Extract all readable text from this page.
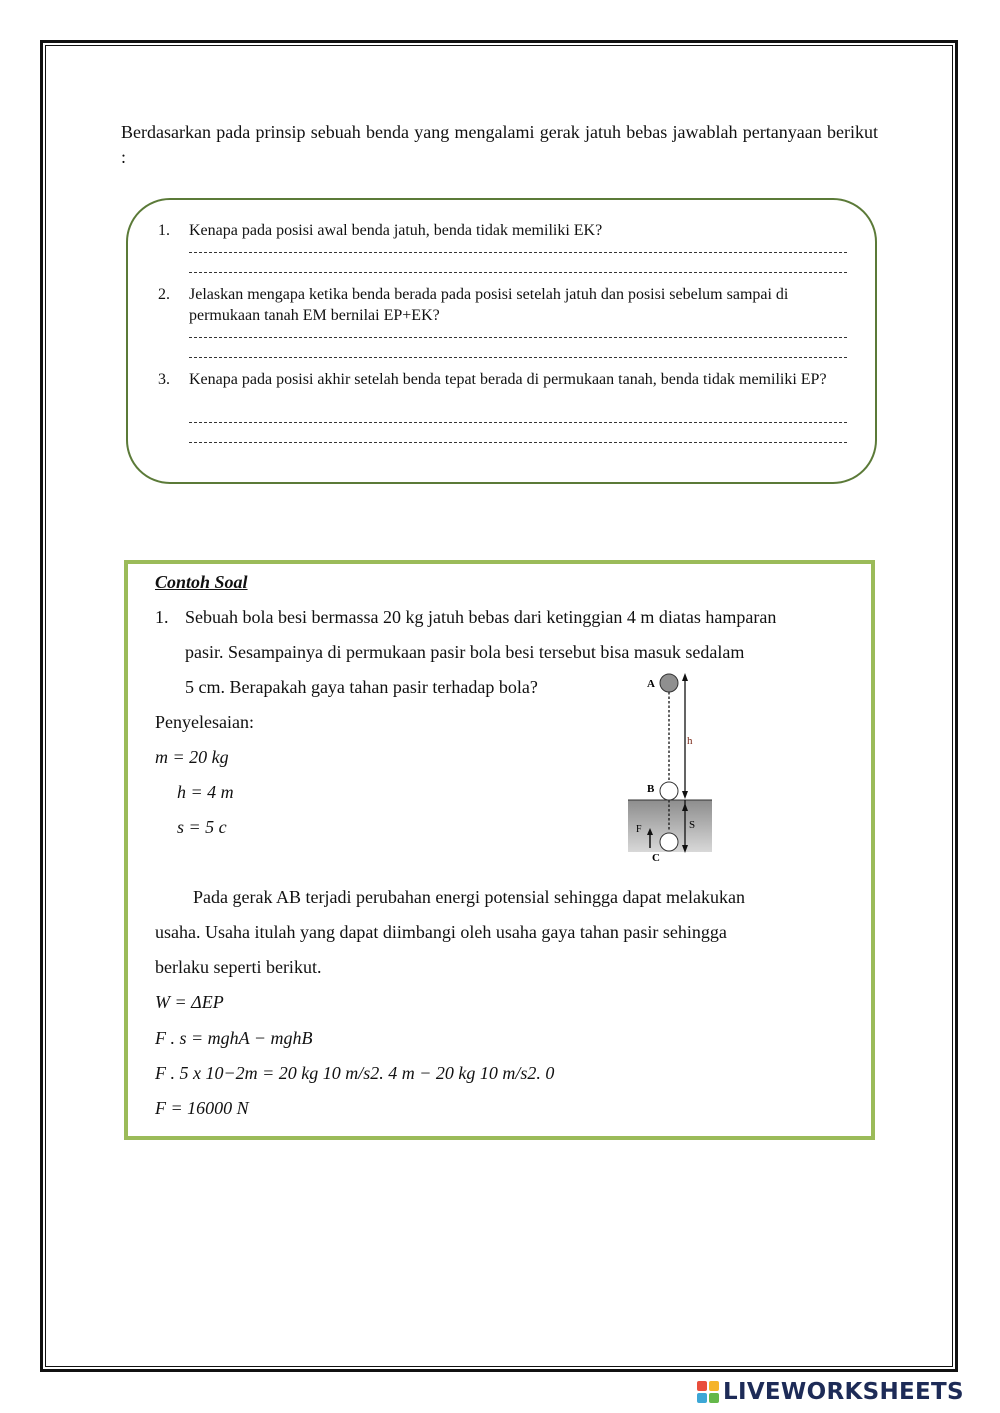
Berdasarkan pada prinsip sebuah benda yang mengalami gerak jatuh bebas jawablah pertanyaan berikut :

1. Kenapa pada posisi awal benda jatuh, benda tidak memiliki EK?
2. Jelaskan mengapa ketika benda berada pada posisi setelah jatuh dan posisi sebelum sampai di permukaan tanah EM bernilai EP+EK?
3. Kenapa pada posisi akhir setelah benda tepat berada di permukaan tanah, benda tidak memiliki EP?
Contoh Soal
1. Sebuah bola besi bermassa 20 kg jatuh bebas dari ketinggian 4 m diatas hamparan
pasir. Sesampainya di permukaan pasir bola besi tersebut bisa masuk sedalam
5 cm. Berapakah gaya tahan pasir terhadap bola?
Penyelesaian:
m = 20 kg
h = 4 m
s = 5 c
A
B
C
h
S
F
Pada gerak AB terjadi perubahan energi potensial sehingga dapat melakukan
usaha. Usaha itulah yang dapat diimbangi oleh usaha gaya tahan pasir sehingga
berlaku seperti berikut.
W = ΔEP
F . s = mghA − mghB
F . 5 x 10−2m = 20 kg 10 m/s2. 4 m − 20 kg 10 m/s2. 0
F = 16000 N
LIVEWORKSHEETS
